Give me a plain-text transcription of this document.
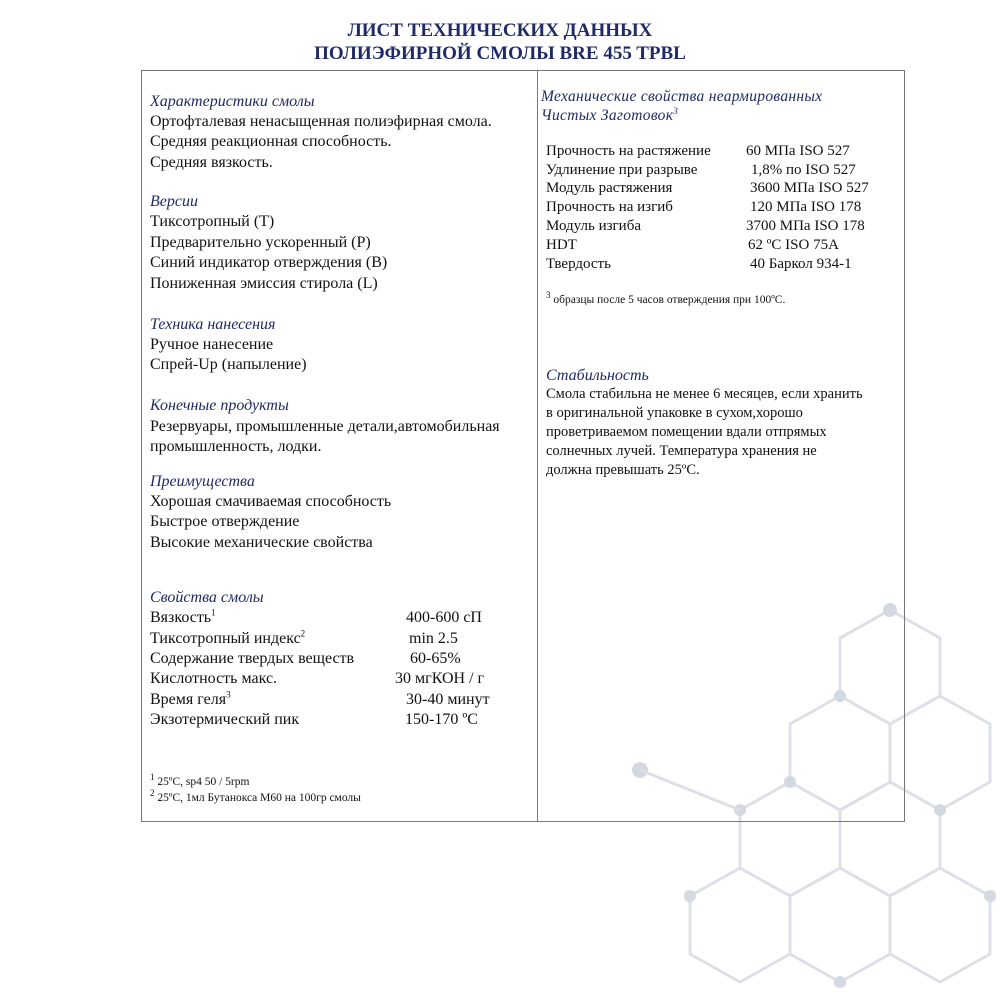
ЛИСТ ТЕХНИЧЕСКИХ ДАННЫХ
ПОЛИЭФИРНОЙ СМОЛЫ BRE 455 TPBL
Характеристики смолы
Ортофталевая ненасыщенная полиэфирная смола.
Средняя реакционная способность.
Средняя вязкость.
Версии
Тиксотропный (T)
Предварительно ускоренный (P)
Синий индикатор отверждения (B)
Пониженная эмиссия стирола (L)
Техника нанесения
Ручное нанесение
Спрей-Up (напыление)
Конечные продукты
Резервуары, промышленные детали,автомобильная
промышленность, лодки.
Преимущества
Хорошая смачиваемая способность
Быстрое отверждение
Высокие механические свойства
Свойства смолы
Вязкость$^1$	400-600 сП
Тиксотропный индекс$^2$	min 2.5
Содержание твердых веществ	60-65%
Кислотность макс.	30 мгКОН / г
Время геля$^3$	30-40 минут
Экзотермический пик	150-170 ºC
$^1$ 25ºC, sp4 50 / 5rpm
$^2$ 25ºC, 1мл Бутаноксa M60 на 100гр смолы
Механические свойства неармированных
Чистых Заготовок$^3$
Прочность на растяжение 60 МПа ISO 527
Удлинение при разрыве	1,8% по ISO 527
Модуль растяжения	3600 МПа ISO 527
Прочность на изгиб	120 МПа ISO 178
Модуль изгиба	3700 МПа ISO 178
HDT	62 ºC ISO 75A
Твердость	40 Баркол 934-1
$^3$ образцы после 5 часов отверждения при 100ºC.
Стабильность
Смола стабильна не менее 6 месяцев, если хранить
в оригинальной упаковке в сухом,хорошо
проветриваемом помещении вдали отпрямых
солнечных лучей. Температура хранения не
должна превышать 25ºC.
